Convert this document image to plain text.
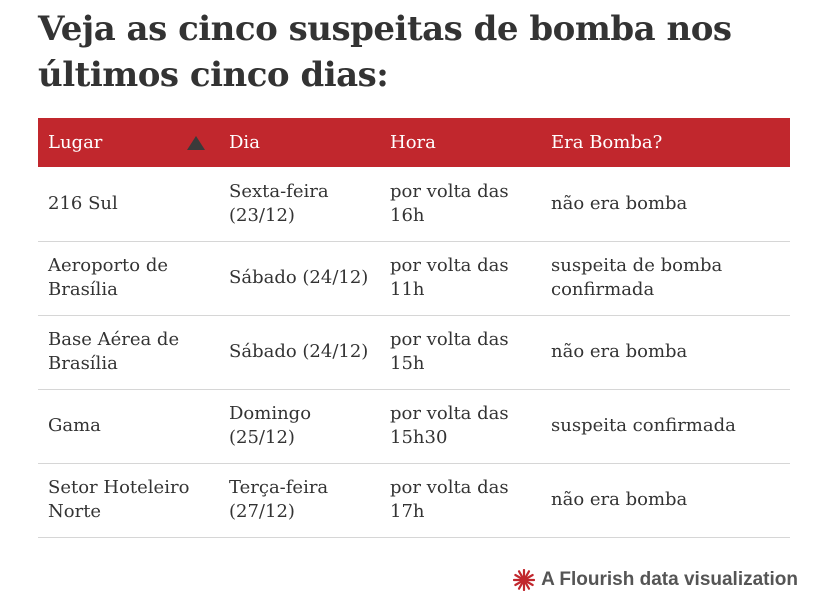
Veja as cinco suspeitas de bomba nos últimos cinco dias:
Lugar	Dia	Hora	Era Bomba?
216 Sul	Sexta-feira (23/12)	por volta das 16h	não era bomba
Aeroporto de Brasília	Sábado (24/12)	por volta das 11h	suspeita de bomba confirmada
Base Aérea de Brasília	Sábado (24/12)	por volta das 15h	não era bomba
Gama	Domingo (25/12)	por volta das 15h30	suspeita confirmada
Setor Hoteleiro Norte	Terça-feira (27/12)	por volta das 17h	não era bomba
A Flourish data visualization
